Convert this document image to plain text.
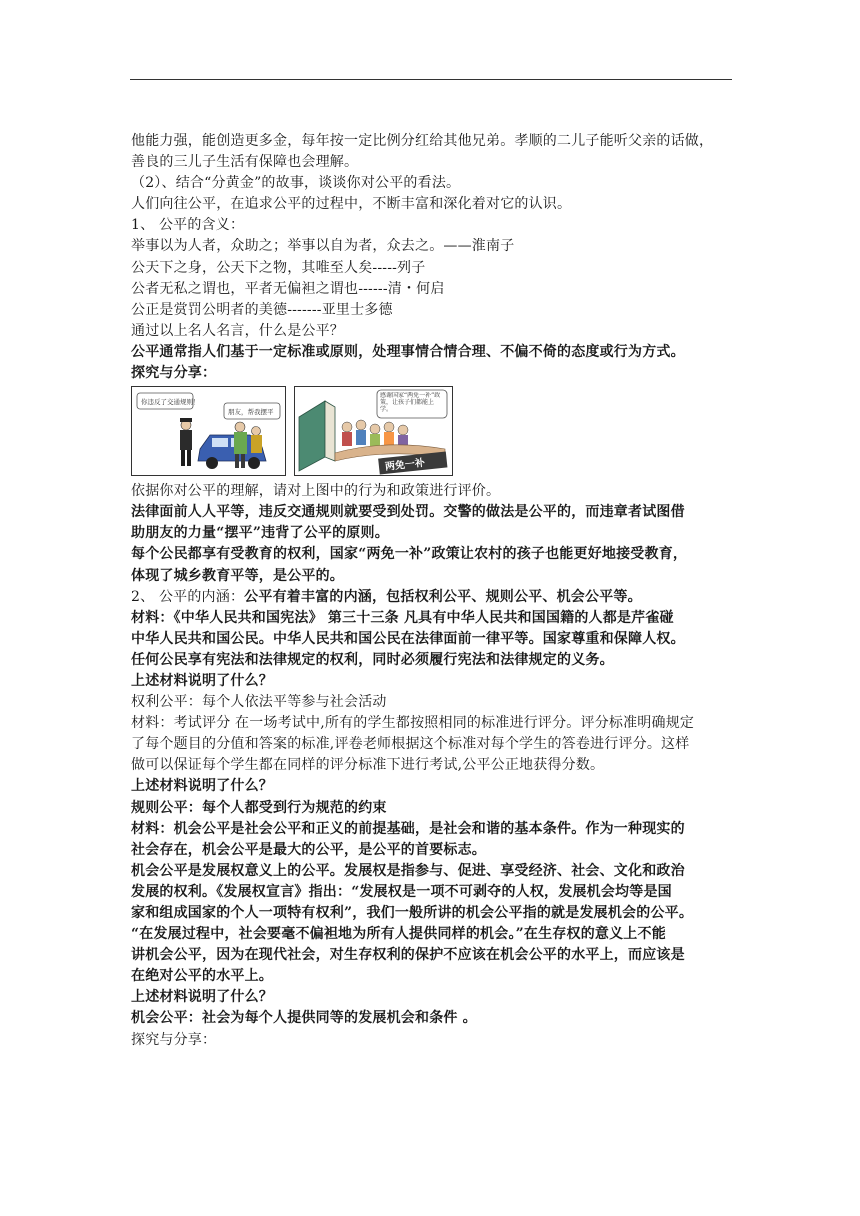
他能力强，能创造更多金，每年按一定比例分红给其他兄弟。孝顺的二儿子能听父亲的话做，
善良的三儿子生活有保障也会理解。
（2）、结合“分黄金”的故事，谈谈你对公平的看法。
人们向往公平，在追求公平的过程中，不断丰富和深化着对它的认识。
1、 公平的含义：
举事以为人者，众助之；举事以自为者，众去之。——淮南子
公天下之身，公天下之物，其唯至人矣-----列子
公者无私之谓也，平者无偏袒之谓也------清・何启
公正是赏罚公明者的美德-------亚里士多德
通过以上名人名言，什么是公平？
公平通常指人们基于一定标准或原则，处理事情合情合理、不偏不倚的态度或行为方式。
探究与分享：
你违反了交通规则！
朋友，帮我摆平
感谢国家“两免一补”政策，让孩子们都能上学。
两免一补
依据你对公平的理解，请对上图中的行为和政策进行评价。
法律面前人人平等，违反交通规则就要受到处罚。交警的做法是公平的，而违章者试图借
助朋友的力量“摆平”违背了公平的原则。
每个公民都享有受教育的权利，国家“两免一补”政策让农村的孩子也能更好地接受教育，
体现了城乡教育平等，是公平的。
2、 公平的内涵：公平有着丰富的内涵，包括权利公平、规则公平、机会公平等。
材料：《中华人民共和国宪法》 第三十三条 凡具有中华人民共和国国籍的人都是芹雀碰
中华人民共和国公民。中华人民共和国公民在法律面前一律平等。国家尊重和保障人权。
任何公民享有宪法和法律规定的权利，同时必须履行宪法和法律规定的义务。
上述材料说明了什么？
权利公平：每个人依法平等参与社会活动
材料：考试评分 在一场考试中,所有的学生都按照相同的标准进行评分。评分标准明确规定
了每个题目的分值和答案的标准,评卷老师根据这个标准对每个学生的答卷进行评分。这样
做可以保证每个学生都在同样的评分标准下进行考试,公平公正地获得分数。
上述材料说明了什么？
规则公平：每个人都受到行为规范的约束
材料：机会公平是社会公平和正义的前提基础，是社会和谐的基本条件。作为一种现实的
社会存在，机会公平是最大的公平，是公平的首要标志。
机会公平是发展权意义上的公平。发展权是指参与、促进、享受经济、社会、文化和政治
发展的权利。《发展权宣言》指出：“发展权是一项不可剥夺的人权，发展机会均等是国
家和组成国家的个人一项特有权利”，我们一般所讲的机会公平指的就是发展机会的公平。
“在发展过程中，社会要毫不偏袒地为所有人提供同样的机会。”在生存权的意义上不能
讲机会公平，因为在现代社会，对生存权利的保护不应该在机会公平的水平上，而应该是
在绝对公平的水平上。
上述材料说明了什么？
机会公平：社会为每个人提供同等的发展机会和条件 。
探究与分享：
